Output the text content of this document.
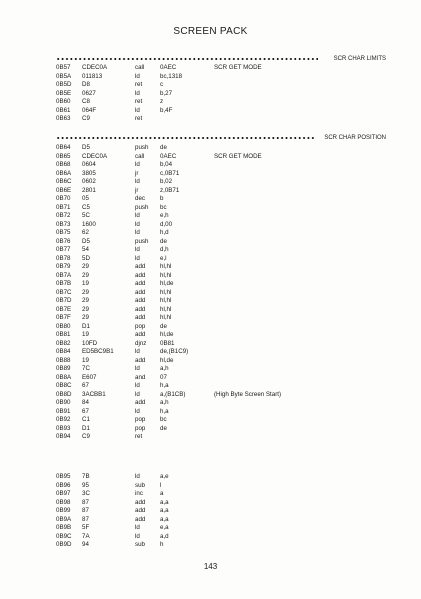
SCREEN PACK
SCR CHAR LIMITS
0B57 CDEC0A	call	0AEC	SCR GET MODE
0B5A 011813	ld	bc,1318
0B5D D8	ret	c
0B5E 0627	ld	b,27
0B60 C8	ret	z
0B61 064F	ld	b,4F
0B63 C9	ret
SCR CHAR POSITION
0B64 D5	push de
0B65 CDEC0A	call	0AEC	SCR GET MODE
0B68 0604	ld	b,04
0B6A 3805	jr	c,0B71
0B6C 0602	ld	b,02
0B6E 2801	jr	z,0B71
0B70 05	dec b
0B71 C5	push bc
0B72 5C	ld	e,h
0B73 1600	ld	d,00
0B75 62	ld	h,d
0B76 D5	push de
0B77 54	ld	d,h
0B78 5D	ld	e,l
0B79 29	add hl,hl
0B7A 29	add hl,hl
0B7B 19	add hl,de
0B7C 29	add hl,hl
0B7D 29	add hl,hl
0B7E 29	add hl,hl
0B7F 29	add hl,hl
0B80 D1	pop de
0B81 19	add hl,de
0B82 10FD	djnz 0B81
0B84 ED5BC9B1	ld	de,(B1C9)
0B88 19	add hl,de
0B89 7C	ld	a,h
0B8A E607	and 07
0B8C 67	ld	h,a
0B8D 3ACBB1	ld	a,(B1CB)	(High Byte Screen Start)
0B90 84	add a,h
0B91 67	ld	h,a
0B92 C1	pop bc
0B93 D1	pop de
0B94 C9	ret
0B95 7B	ld	a,e
0B96 95	sub l
0B97 3C	inc	a
0B98 87	add a,a
0B99 87	add a,a
0B9A 87	add a,a
0B9B 5F	ld	e,a
0B9C 7A	ld	a,d
0B9D 94	sub h
143
